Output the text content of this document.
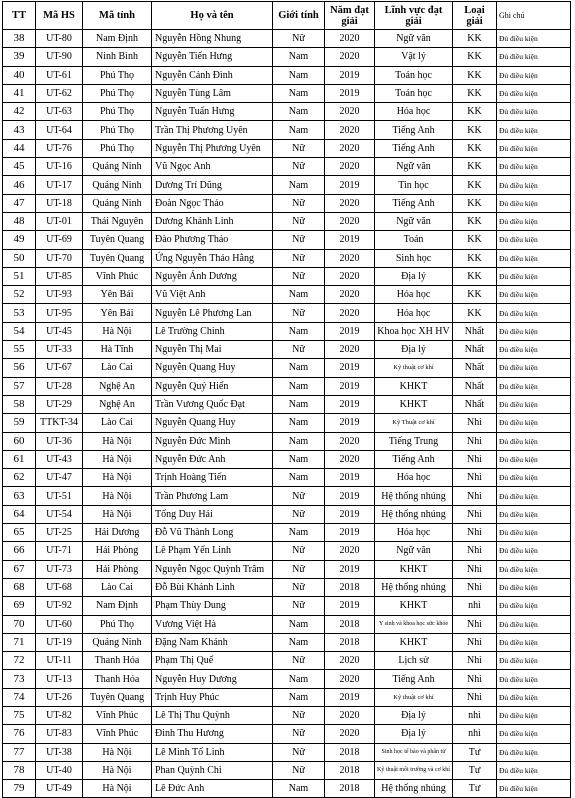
TT	Mã HS	Mã tỉnh	Họ và tên	Giới tính	Năm đạt giải	Lĩnh vực đạt giải	Loại giải	Ghi chú
38	UT-80	Nam Định	Nguyễn Hồng Nhung	Nữ	2020	Ngữ văn	KK	Đủ điều kiện
39	UT-90	Ninh Bình	Nguyễn Tiến Hưng	Nam	2020	Vật lý	KK	Đủ điều kiện
40	UT-61	Phú Thọ	Nguyễn Cảnh Đình	Nam	2019	Toán học	KK	Đủ điều kiện
41	UT-62	Phú Thọ	Nguyễn Tùng Lâm	Nam	2019	Toán học	KK	Đủ điều kiện
42	UT-63	Phú Thọ	Nguyễn Tuấn Hưng	Nam	2020	Hóa học	KK	Đủ điều kiện
43	UT-64	Phú Thọ	Trần Thị Phương Uyên	Nam	2020	Tiếng Anh	KK	Đủ điều kiện
44	UT-76	Phú Thọ	Nguyễn Thị Phương Uyên	Nữ	2020	Tiếng Anh	KK	Đủ điều kiện
45	UT-16	Quảng Ninh	Vũ Ngọc Anh	Nữ	2020	Ngữ văn	KK	Đủ điều kiện
46	UT-17	Quảng Ninh	Dương Trí Dũng	Nam	2019	Tin học	KK	Đủ điều kiện
47	UT-18	Quảng Ninh	Đoàn Ngọc Thảo	Nữ	2020	Tiếng Anh	KK	Đủ điều kiện
48	UT-01	Thái Nguyên	Dương Khánh Linh	Nữ	2020	Ngữ văn	KK	Đủ điều kiện
49	UT-69	Tuyên Quang	Đào Phương Thảo	Nữ	2019	Toán	KK	Đủ điều kiện
50	UT-70	Tuyên Quang	Ứng Nguyễn Thảo Hằng	Nữ	2020	Sinh học	KK	Đủ điều kiện
51	UT-85	Vĩnh Phúc	Nguyễn Ánh Dương	Nữ	2020	Địa lý	KK	Đủ điều kiện
52	UT-93	Yên Bái	Vũ Việt Anh	Nam	2020	Hóa học	KK	Đủ điều kiện
53	UT-95	Yên Bái	Nguyễn Lê Phương Lan	Nữ	2020	Hóa học	KK	Đủ điều kiện
54	UT-45	Hà Nội	Lê Trường Chinh	Nam	2019	Khoa học XH HV	Nhất	Đủ điều kiện
55	UT-33	Hà Tĩnh	Nguyễn Thị Mai	Nữ	2020	Địa lý	Nhất	Đủ điều kiện
56	UT-67	Lào Cai	Nguyễn Quang Huy	Nam	2019	Kỹ thuật cơ khí	Nhất	Đủ điều kiện
57	UT-28	Nghệ An	Nguyễn Quý Hiển	Nam	2019	KHKT	Nhất	Đủ điều kiện
58	UT-29	Nghệ An	Trần Vương Quốc Đạt	Nam	2019	KHKT	Nhất	Đủ điều kiện
59	TTKT-34	Lào Cai	Nguyễn Quang Huy	Nam	2019	Kỹ Thuật cơ khí	Nhì	Đủ điều kiện
60	UT-36	Hà Nội	Nguyễn Đức Minh	Nam	2020	Tiếng Trung	Nhì	Đủ điều kiện
61	UT-43	Hà Nội	Nguyễn Đức Anh	Nam	2020	Tiếng Anh	Nhì	Đủ điều kiện
62	UT-47	Hà Nội	Trịnh Hoàng Tiến	Nam	2019	Hóa học	Nhì	Đủ điều kiện
63	UT-51	Hà Nội	Trần Phương Lam	Nữ	2019	Hệ thống nhúng	Nhì	Đủ điều kiện
64	UT-54	Hà Nội	Tống Duy Hải	Nữ	2019	Hệ thống nhúng	Nhì	Đủ điều kiện
65	UT-25	Hải Dương	Đỗ Vũ Thành Long	Nam	2019	Hóa học	Nhì	Đủ điều kiện
66	UT-71	Hải Phòng	Lê Phạm Yến Linh	Nữ	2020	Ngữ văn	Nhì	Đủ điều kiện
67	UT-73	Hải Phòng	Nguyễn Ngọc Quỳnh Trâm	Nữ	2019	KHKT	Nhì	Đủ điều kiện
68	UT-68	Lào Cai	Đỗ Bùi Khánh Linh	Nữ	2018	Hệ thống nhúng	Nhì	Đủ điều kiện
69	UT-92	Nam Định	Phạm Thùy Dung	Nữ	2019	KHKT	nhì	Đủ điều kiện
70	UT-60	Phú Thọ	Vương Việt Hà	Nam	2018	Y sinh và khoa học sức khỏe	Nhì	Đủ điều kiện
71	UT-19	Quảng Ninh	Đặng Nam Khánh	Nam	2018	KHKT	Nhì	Đủ điều kiện
72	UT-11	Thanh Hóa	Phạm Thị Quế	Nữ	2020	Lịch sử	Nhì	Đủ điều kiện
73	UT-13	Thanh Hóa	Nguyễn Huy Dương	Nam	2020	Tiếng Anh	Nhì	Đủ điều kiện
74	UT-26	Tuyên Quang	Trịnh Huy Phúc	Nam	2019	Kỹ thuật cơ khí	Nhì	Đủ điều kiện
75	UT-82	Vĩnh Phúc	Lê Thị Thu Quỳnh	Nữ	2020	Địa lý	nhì	Đủ điều kiện
76	UT-83	Vĩnh Phúc	Đinh Thu Hương	Nữ	2020	Địa lý	nhì	Đủ điều kiện
77	UT-38	Hà Nội	Lê Minh Tố Linh	Nữ	2018	Sinh học tế bào và phân tử	Tư	Đủ điều kiện
78	UT-40	Hà Nội	Phan Quỳnh Chi	Nữ	2018	Kỹ thuật môi trường và cơ khí	Tư	Đủ điều kiện
79	UT-49	Hà Nội	Lê Đức Anh	Nam	2018	Hệ thống nhúng	Tư	Đủ điều kiện
